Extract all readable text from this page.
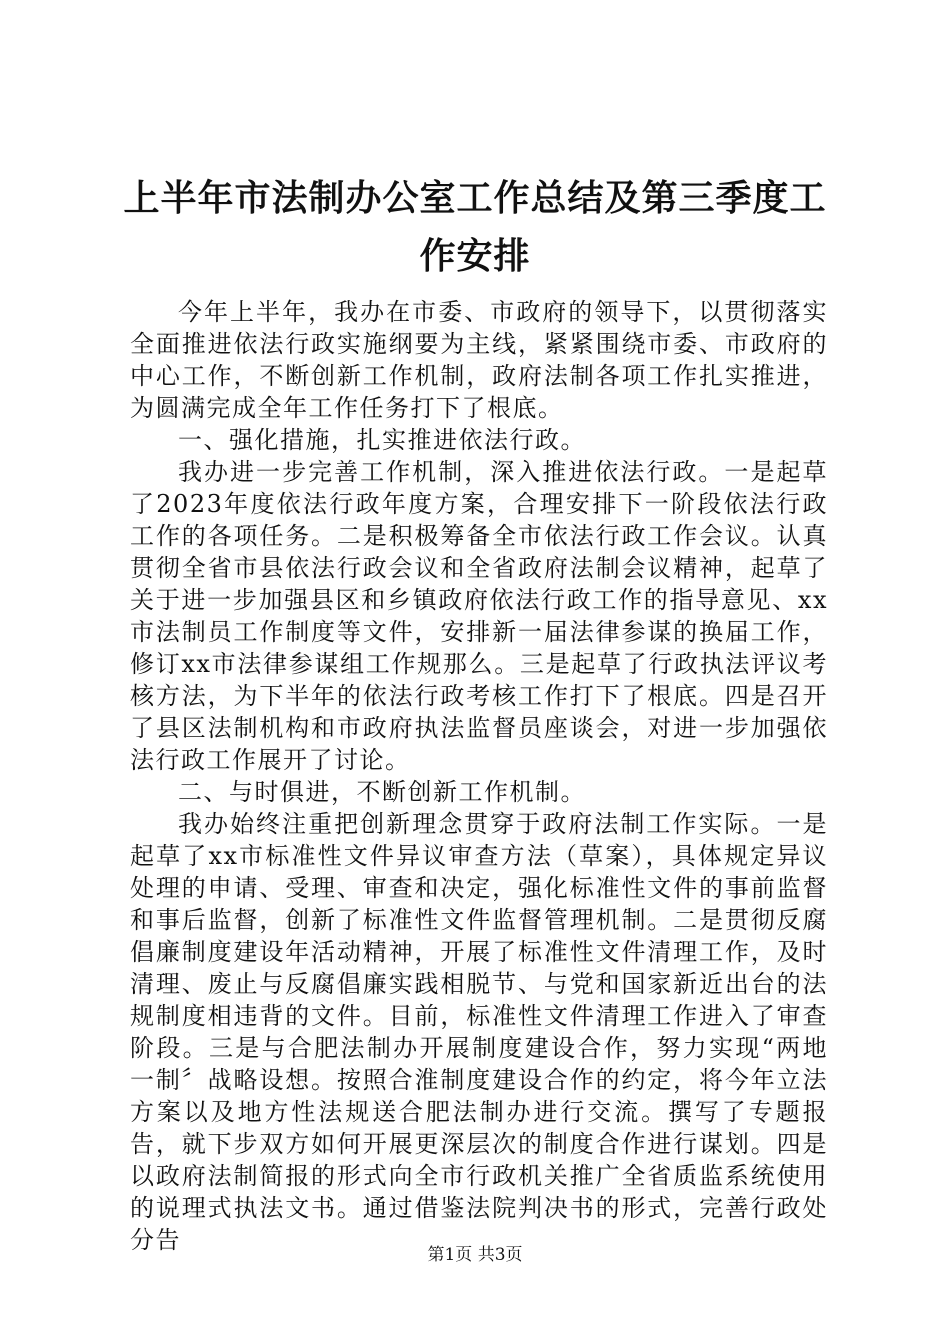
上半年市法制办公室工作总结及第三季度工作安排

今年上半年，我办在市委、市政府的领导下，以贯彻落实全面推进依法行政实施纲要为主线，紧紧围绕市委、市政府的中心工作，不断创新工作机制，政府法制各项工作扎实推进，为圆满完成全年工作任务打下了根底。

一、强化措施，扎实推进依法行政。

我办进一步完善工作机制，深入推进依法行政。一是起草了2023年度依法行政年度方案，合理安排下一阶段依法行政工作的各项任务。二是积极筹备全市依法行政工作会议。认真贯彻全省市县依法行政会议和全省政府法制会议精神，起草了关于进一步加强县区和乡镇政府依法行政工作的指导意见、xx市法制员工作制度等文件，安排新一届法律参谋的换届工作，修订xx市法律参谋组工作规那么。三是起草了行政执法评议考核方法，为下半年的依法行政考核工作打下了根底。四是召开了县区法制机构和市政府执法监督员座谈会，对进一步加强依法行政工作展开了讨论。

二、与时俱进，不断创新工作机制。

我办始终注重把创新理念贯穿于政府法制工作实际。一是起草了xx市标准性文件异议审查方法（草案），具体规定异议处理的申请、受理、审查和决定，强化标准性文件的事前监督和事后监督，创新了标准性文件监督管理机制。二是贯彻反腐倡廉制度建设年活动精神，开展了标准性文件清理工作，及时清理、废止与反腐倡廉实践相脱节、与党和国家新近出台的法规制度相违背的文件。目前，标准性文件清理工作进入了审查阶段。三是与合肥法制办开展制度建设合作，努力实现“两地一制〞战略设想。按照合淮制度建设合作的约定，将今年立法方案以及地方性法规送合肥法制办进行交流。撰写了专题报告，就下步双方如何开展更深层次的制度合作进行谋划。四是以政府法制简报的形式向全市行政机关推广全省质监系统使用的说理式执法文书。通过借鉴法院判决书的形式，完善行政处分告

第1页 共3页
